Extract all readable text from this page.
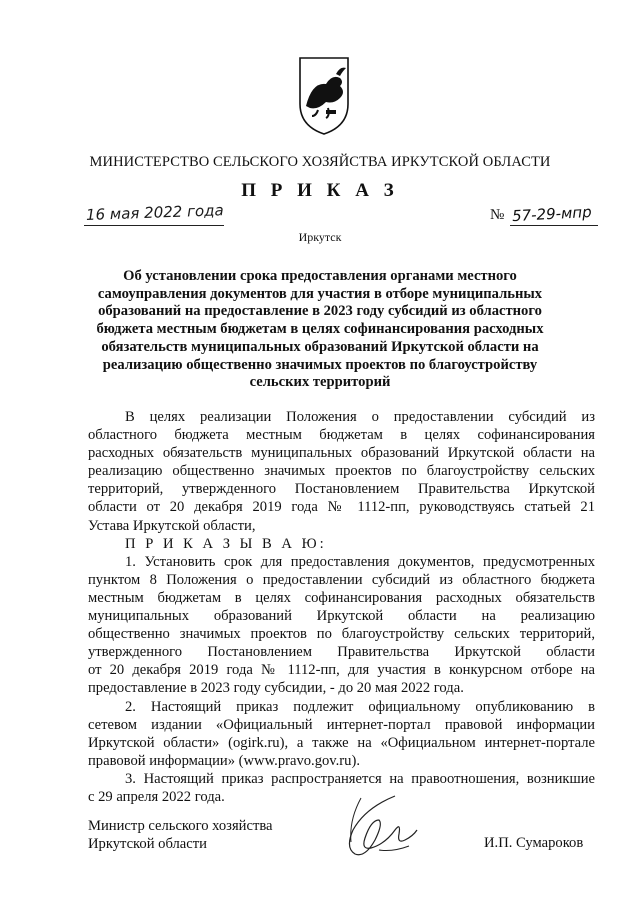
МИНИСТЕРСТВО СЕЛЬСКОГО ХОЗЯЙСТВА ИРКУТСКОЙ ОБЛАСТИ
П Р И К А З
16 мая 2022 года	№ 57-29-мпр
Иркутск
Об установлении срока предоставления органами местного
самоуправления документов для участия в отборе муниципальных
образований на предоставление в 2023 году субсидий из областного
бюджета местным бюджетам в целях софинансирования расходных
обязательств муниципальных образований Иркутской области на
реализацию общественно значимых проектов по благоустройству
сельских территорий
В целях реализации Положения о предоставлении субсидий из
областного бюджета местным бюджетам в целях софинансирования
расходных обязательств муниципальных образований Иркутской области на
реализацию общественно значимых проектов по благоустройству сельских
территорий, утвержденного Постановлением Правительства Иркутской
области от 20 декабря 2019 года № 1112-пп, руководствуясь статьей 21
Устава Иркутской области,
П Р И К А З Ы В А Ю:
1. Установить срок для предоставления документов, предусмотренных
пунктом 8 Положения о предоставлении субсидий из областного бюджета
местным бюджетам в целях софинансирования расходных обязательств
муниципальных образований Иркутской области на реализацию
общественно значимых проектов по благоустройству сельских территорий,
утвержденного Постановлением Правительства Иркутской области
от 20 декабря 2019 года № 1112-пп, для участия в конкурсном отборе на
предоставление в 2023 году субсидии, - до 20 мая 2022 года.
2. Настоящий приказ подлежит официальному опубликованию в
сетевом издании «Официальный интернет-портал правовой информации
Иркутской области» (ogirk.ru), а также на «Официальном интернет-портале
правовой информации» (www.pravo.gov.ru).
3. Настоящий приказ распространяется на правоотношения, возникшие
с 29 апреля 2022 года.
Министр сельского хозяйства
Иркутской области	И.П. Сумароков
